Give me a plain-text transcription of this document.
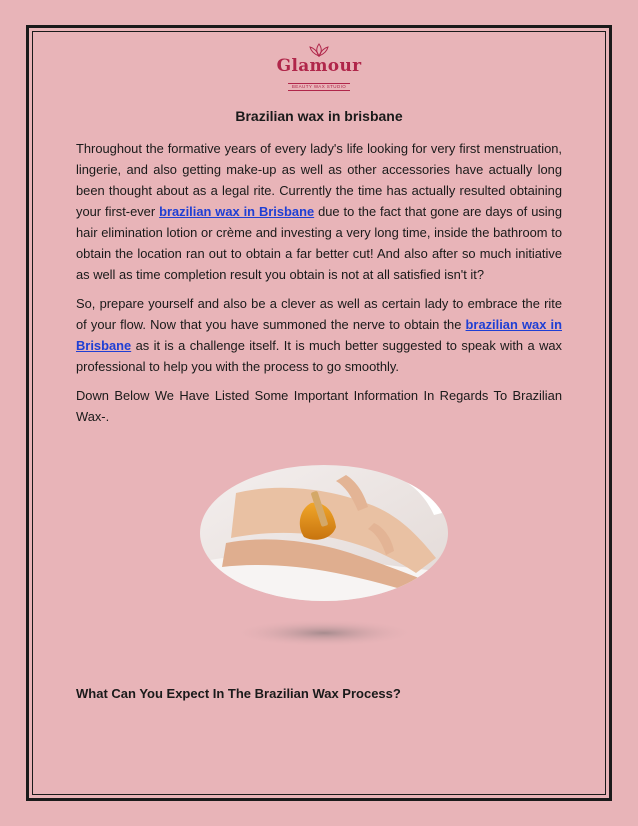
Glamour
BEAUTY WAX STUDIO
Brazilian wax in brisbane

Throughout the formative years of every lady's life looking for very first menstruation, lingerie, and also getting make-up as well as other accessories have actually long been thought about as a legal rite. Currently the time has actually resulted obtaining your first-ever brazilian wax in Brisbane due to the fact that gone are days of using hair elimination lotion or crème and investing a very long time, inside the bathroom to obtain the location ran out to obtain a far better cut! And also after so much initiative as well as time completion result you obtain is not at all satisfied isn't it?

So, prepare yourself and also be a clever as well as certain lady to embrace the rite of your flow. Now that you have summoned the nerve to obtain the brazilian wax in Brisbane as it is a challenge itself. It is much better suggested to speak with a wax professional to help you with the process to go smoothly.

Down Below We Have Listed Some Important Information In Regards To Brazilian Wax-.

What Can You Expect In The Brazilian Wax Process?
